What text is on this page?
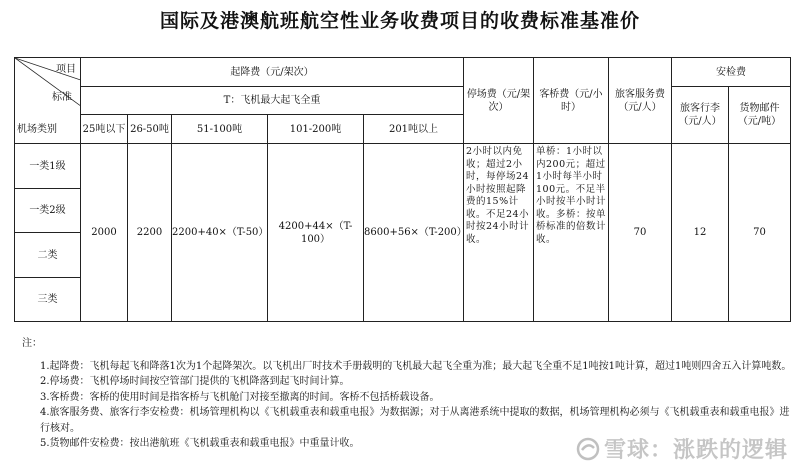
国际及港澳航班航空性业务收费项目的收费标准基准价
项目
标准
机场类别	起降费（元/架次）					停场费（元/架次）	客桥费（元/小时）	旅客服务费（元/人）	安检费	
	T：飞机最大起飞全重								旅客行李（元/人）	货物邮件（元/吨）
	25吨以下	26-50吨	51-100吨	101-200吨	201吨以上					
一类1级	2000	2200	2200+40×（T-50）	4200+44×（T-100）	8600+56×（T-200）	2小时以内免收；超过2小时，每停场24小时按照起降费的15%计收。不足24小时按24小时计收。	单桥：1小时以内200元；超过1小时每半小时100元。不足半小时按半小时计收。多桥：按单桥标准的倍数计收。	70	12	70
一类2级										
二类										
三类										
注：
1.起降费：飞机每起飞和降落1次为1个起降架次。以飞机出厂时技术手册载明的飞机最大起飞全重为准；最大起飞全重不足1吨按1吨计算，超过1吨则四舍五入计算吨数。
2.停场费：飞机停场时间按空管部门提供的飞机降落到起飞时间计算。
3.客桥费：客桥的使用时间是指客桥与飞机舱门对接至撤离的时间。客桥不包括桥载设备。
4.旅客服务费、旅客行李安检费：机场管理机构以《飞机载重表和载重电报》为数据源；对于从离港系统中提取的数据，机场管理机构必须与《飞机载重表和载重电报》进行核对。
5.货物邮件安检费：按出港航班《飞机载重表和载重电报》中重量计收。	雪球：涨跌的逻辑
